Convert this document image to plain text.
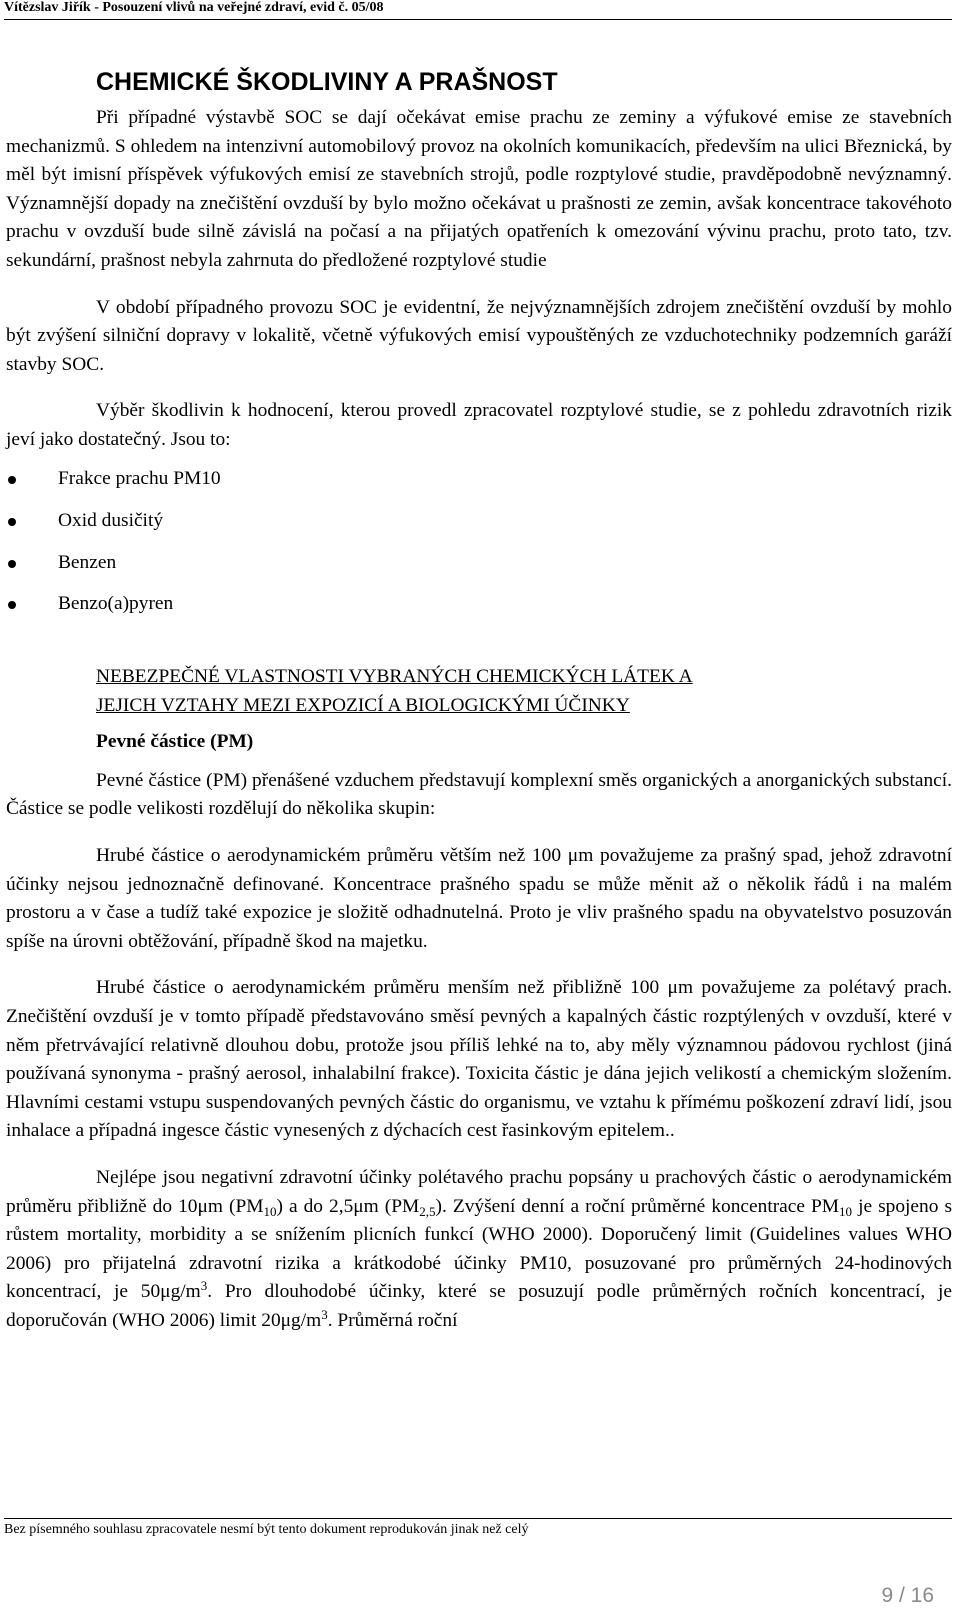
Vítězslav Jiřík - Posouzení vlivů na veřejné zdraví, evid č. 05/08
CHEMICKÉ ŠKODLIVINY A PRAŠNOST

Při případné výstavbě SOC se dají očekávat emise prachu ze zeminy a výfukové emise ze stavebních mechanizmů. S ohledem na intenzivní automobilový provoz na okolních komunikacích, především na ulici Březnická, by měl být imisní příspěvek výfukových emisí ze stavebních strojů, podle rozptylové studie, pravděpodobně nevýznamný. Významnější dopady na znečištění ovzduší by bylo možno očekávat u prašnosti ze zemin, avšak koncentrace takovéhoto prachu v ovzduší bude silně závislá na počasí a na přijatých opatřeních k omezování vývinu prachu, proto tato, tzv. sekundární, prašnost nebyla zahrnuta do předložené rozptylové studie

V období případného provozu SOC je evidentní, že nejvýznamnějších zdrojem znečištění ovzduší by mohlo být zvýšení silniční dopravy v lokalitě, včetně výfukových emisí vypouštěných ze vzduchotechniky podzemních garáží stavby SOC.

Výběr škodlivin k hodnocení, kterou provedl zpracovatel rozptylové studie, se z pohledu zdravotních rizik jeví jako dostatečný. Jsou to:

Frakce prachu PM10
Oxid dusičitý
Benzen
Benzo(a)pyren
NEBEZPEČNÉ VLASTNOSTI VYBRANÝCH CHEMICKÝCH LÁTEK A
JEJICH VZTAHY MEZI EXPOZICÍ A BIOLOGICKÝMI ÚČINKY
Pevné částice (PM)

Pevné částice (PM) přenášené vzduchem představují komplexní směs organických a anorganických substancí. Částice se podle velikosti rozdělují do několika skupin:

Hrubé částice o aerodynamickém průměru větším než 100 μm považujeme za prašný spad, jehož zdravotní účinky nejsou jednoznačně definované. Koncentrace prašného spadu se může měnit až o několik řádů i na malém prostoru a v čase a tudíž také expozice je složitě odhadnutelná. Proto je vliv prašného spadu na obyvatelstvo posuzován spíše na úrovni obtěžování, případně škod na majetku.

Hrubé částice o aerodynamickém průměru menším než přibližně 100 μm považujeme za polétavý prach. Znečištění ovzduší je v tomto případě představováno směsí pevných a kapalných částic rozptýlených v ovzduší, které v něm přetrvávající relativně dlouhou dobu, protože jsou příliš lehké na to, aby měly významnou pádovou rychlost (jiná používaná synonyma - prašný aerosol, inhalabilní frakce). Toxicita částic je dána jejich velikostí a chemickým složením. Hlavními cestami vstupu suspendovaných pevných částic do organismu, ve vztahu k přímému poškození zdraví lidí, jsou inhalace a případná ingesce částic vynesených z dýchacích cest řasinkovým epitelem..

Nejlépe jsou negativní zdravotní účinky polétavého prachu popsány u prachových částic o aerodynamickém průměru přibližně do 10μm $(PM_{10})$ a do 2,5μm $(PM_{2,5})$. Zvýšení denní a roční průměrné koncentrace $PM_{10}$ je spojeno s růstem mortality, morbidity a se snížením plicních funkcí (WHO 2000). Doporučený limit (Guidelines values WHO 2006) pro přijatelná zdravotní rizika a krátkodobé účinky PM10, posuzované pro průměrných 24-hodinových koncentrací, je $50\mu g/m^3$. Pro dlouhodobé účinky, které se posuzují podle průměrných ročních koncentrací, je doporučován (WHO 2006) limit $20\mu g/m^3$. Průměrná roční

Bez písemného souhlasu zpracovatele nesmí být tento dokument reprodukován jinak než celý
9 / 16
